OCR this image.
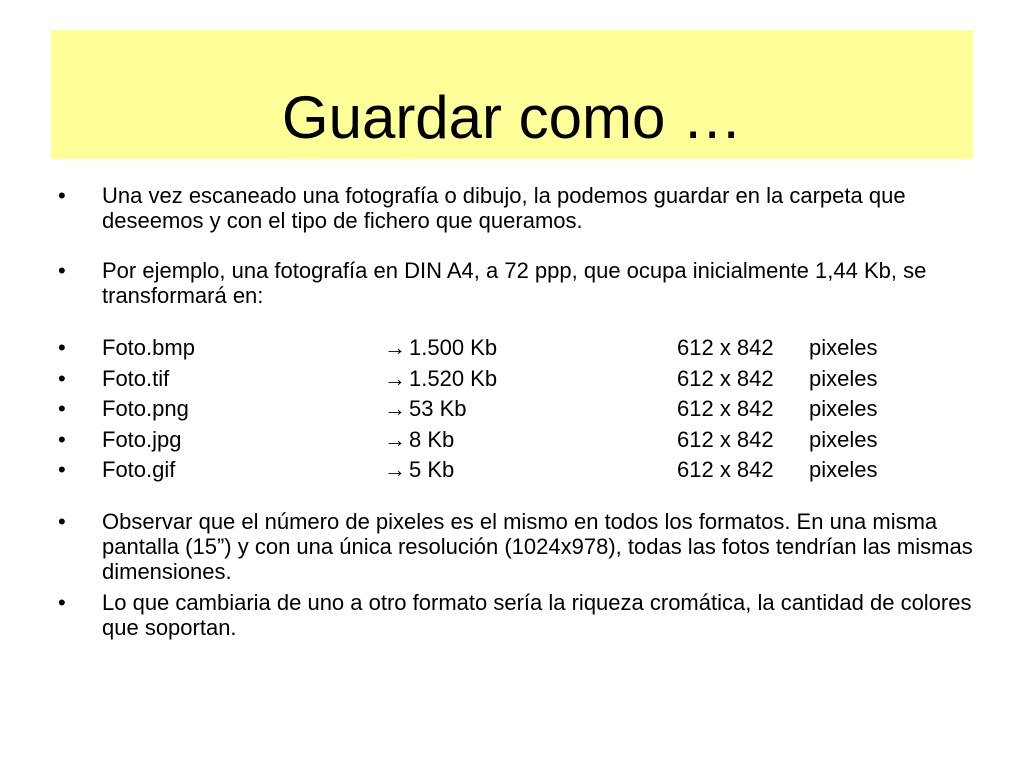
Guardar como …
• Una vez escaneado una fotografía o dibujo, la podemos guardar en la carpeta que deseemos y con el tipo de fichero que queramos.
• Por ejemplo, una fotografía en DIN A4, a 72 ppp, que ocupa inicialmente 1,44 Kb, se transformará en:
• Foto.bmp	→ 1.500 Kb	612 x 842	pixeles
• Foto.tif	→ 1.520 Kb	612 x 842	pixeles
• Foto.png	→ 53 Kb	612 x 842	pixeles
• Foto.jpg	→ 8 Kb	612 x 842	pixeles
• Foto.gif	→ 5 Kb	612 x 842	pixeles
• Observar que el número de pixeles es el mismo en todos los formatos. En una misma pantalla (15”) y con una única resolución (1024x978), todas las fotos tendrían las mismas dimensiones.
• Lo que cambiaria de uno a otro formato sería la riqueza cromática, la cantidad de colores que soportan.
